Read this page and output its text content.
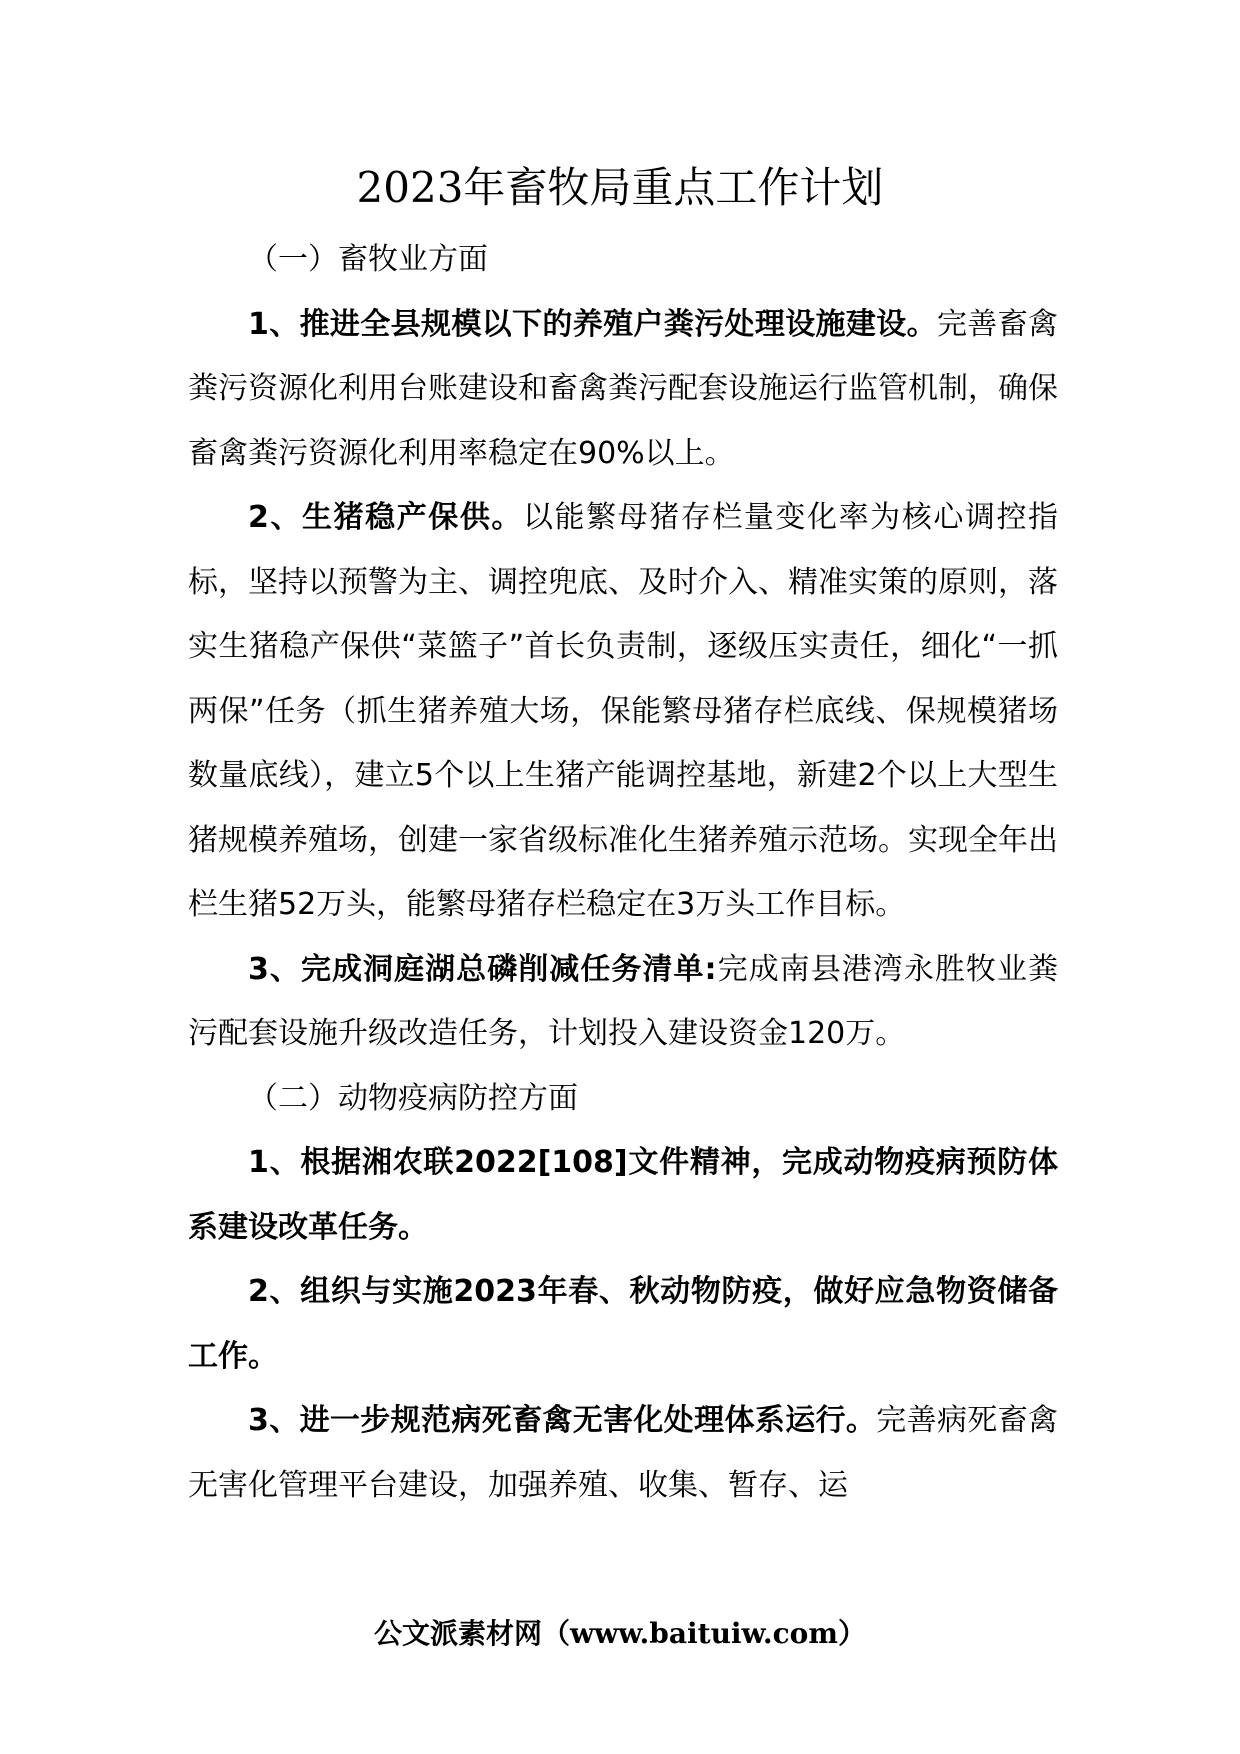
2023年畜牧局重点工作计划

（一）畜牧业方面

1、推进全县规模以下的养殖户粪污处理设施建设。完善畜禽粪污资源化利用台账建设和畜禽粪污配套设施运行监管机制，确保畜禽粪污资源化利用率稳定在90%以上。

2、生猪稳产保供。以能繁母猪存栏量变化率为核心调控指标，坚持以预警为主、调控兜底、及时介入、精准实策的原则，落实生猪稳产保供“菜篮子”首长负责制，逐级压实责任，细化“一抓两保”任务（抓生猪养殖大场，保能繁母猪存栏底线、保规模猪场数量底线），建立5个以上生猪产能调控基地，新建2个以上大型生猪规模养殖场，创建一家省级标准化生猪养殖示范场。实现全年出栏生猪52万头，能繁母猪存栏稳定在3万头工作目标。

3、完成洞庭湖总磷削减任务清单:完成南县港湾永胜牧业粪污配套设施升级改造任务，计划投入建设资金120万。

（二）动物疫病防控方面

1、根据湘农联2022[108]文件精神，完成动物疫病预防体系建设改革任务。

2、组织与实施2023年春、秋动物防疫，做好应急物资储备工作。

3、进一步规范病死畜禽无害化处理体系运行。完善病死畜禽无害化管理平台建设，加强养殖、收集、暂存、运

公文派素材网（www.baituiw.com）
